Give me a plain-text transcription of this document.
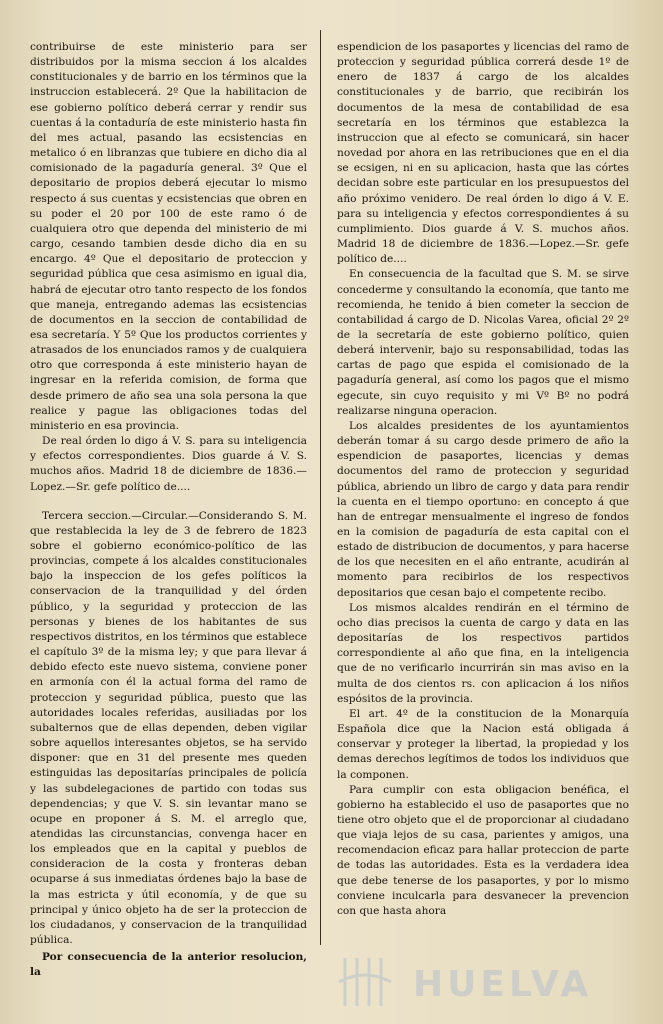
contribuirse de este ministerio para ser distribuidos por la misma seccion á los alcaldes constitucionales y de barrio en los términos que la instruccion establecerá. 2º Que la habilitacion de ese gobierno político deberá cerrar y rendir sus cuentas á la contaduría de este ministerio hasta fin del mes actual, pasando las ecsistencias en metalico ó en libranzas que tubiere en dicho dia al comisionado de la pagaduría general. 3º Que el depositario de propios deberá ejecutar lo mismo respecto á sus cuentas y ecsistencias que obren en su poder el 20 por 100 de este ramo ó de cualquiera otro que dependa del ministerio de mi cargo, cesando tambien desde dicho dia en su encargo. 4º Que el depositario de proteccion y seguridad pública que cesa asimismo en igual dia, habrá de ejecutar otro tanto respecto de los fondos que maneja, entregando ademas las ecsistencias de documentos en la seccion de contabilidad de esa secretaría. Y 5º Que los productos corrientes y atrasados de los enunciados ramos y de cualquiera otro que corresponda á este ministerio hayan de ingresar en la referida comision, de forma que desde primero de año sea una sola persona la que realice y pague las obligaciones todas del ministerio en esa provincia.

De real órden lo digo á V. S. para su inteligencia y efectos correspondientes. Dios guarde á V. S. muchos años. Madrid 18 de diciembre de 1836.—Lopez.—Sr. gefe político de....

Tercera seccion.—Circular.—Considerando S. M. que restablecida la ley de 3 de febrero de 1823 sobre el gobierno económico-político de las provincias, compete á los alcaldes constitucionales bajo la inspeccion de los gefes políticos la conservacion de la tranquilidad y del órden público, y la seguridad y proteccion de las personas y bienes de los habitantes de sus respectivos distritos, en los términos que establece el capítulo 3º de la misma ley; y que para llevar á debido efecto este nuevo sistema, conviene poner en armonía con él la actual forma del ramo de proteccion y seguridad pública, puesto que las autoridades locales referidas, ausiliadas por los subalternos que de ellas dependen, deben vigilar sobre aquellos interesantes objetos, se ha servido disponer: que en 31 del presente mes queden estinguidas las depositarías principales de policía y las subdelegaciones de partido con todas sus dependencias; y que V. S. sin levantar mano se ocupe en proponer á S. M. el arreglo que, atendidas las circunstancias, convenga hacer en los empleados que en la capital y pueblos de consideracion de la costa y fronteras deban ocuparse á sus inmediatas órdenes bajo la base de la mas estricta y útil economía, y de que su principal y único objeto ha de ser la proteccion de los ciudadanos, y conservacion de la tranquilidad pública.

Por consecuencia de la anterior resolucion, la

espendicion de los pasaportes y licencias del ramo de proteccion y seguridad pública correrá desde 1º de enero de 1837 á cargo de los alcaldes constitucionales y de barrio, que recibirán los documentos de la mesa de contabilidad de esa secretaría en los términos que establezca la instruccion que al efecto se comunicará, sin hacer novedad por ahora en las retribuciones que en el dia se ecsigen, ni en su aplicacion, hasta que las córtes decidan sobre este particular en los presupuestos del año próximo venidero. De real órden lo digo á V. E. para su inteligencia y efectos correspondientes á su cumplimiento. Dios guarde á V. S. muchos años. Madrid 18 de diciembre de 1836.—Lopez.—Sr. gefe político de....

En consecuencia de la facultad que S. M. se sirve concederme y consultando la economía, que tanto me recomienda, he tenido á bien cometer la seccion de contabilidad á cargo de D. Nicolas Varea, oficial 2º 2º de la secretaría de este gobierno político, quien deberá intervenir, bajo su responsabilidad, todas las cartas de pago que espida el comisionado de la pagaduría general, así como los pagos que el mismo egecute, sin cuyo requisito y mi Vº Bº no podrá realizarse ninguna operacion.

Los alcaldes presidentes de los ayuntamientos deberán tomar á su cargo desde primero de año la espendicion de pasaportes, licencias y demas documentos del ramo de proteccion y seguridad pública, abriendo un libro de cargo y data para rendir la cuenta en el tiempo oportuno: en concepto á que han de entregar mensualmente el ingreso de fondos en la comision de pagaduría de esta capital con el estado de distribucion de documentos, y para hacerse de los que necesiten en el año entrante, acudirán al momento para recibirlos de los respectivos depositarios que cesan bajo el competente recibo.

Los mismos alcaldes rendirán en el término de ocho dias precisos la cuenta de cargo y data en las depositarías de los respectivos partidos correspondiente al año que fina, en la inteligencia que de no verificarlo incurrirán sin mas aviso en la multa de dos cientos rs. con aplicacion á los niños espósitos de la provincia.

El art. 4º de la constitucion de la Monarquía Española dice que la Nacion está obligada á conservar y proteger la libertad, la propiedad y los demas derechos legítimos de todos los individuos que la componen.

Para cumplir con esta obligacion benéfica, el gobierno ha establecido el uso de pasaportes que no tiene otro objeto que el de proporcionar al ciudadano que viaja lejos de su casa, parientes y amigos, una recomendacion eficaz para hallar proteccion de parte de todas las autoridades. Esta es la verdadera idea que debe tenerse de los pasaportes, y por lo mismo conviene inculcarla para desvanecer la prevencion con que hasta ahora

HUELVA
